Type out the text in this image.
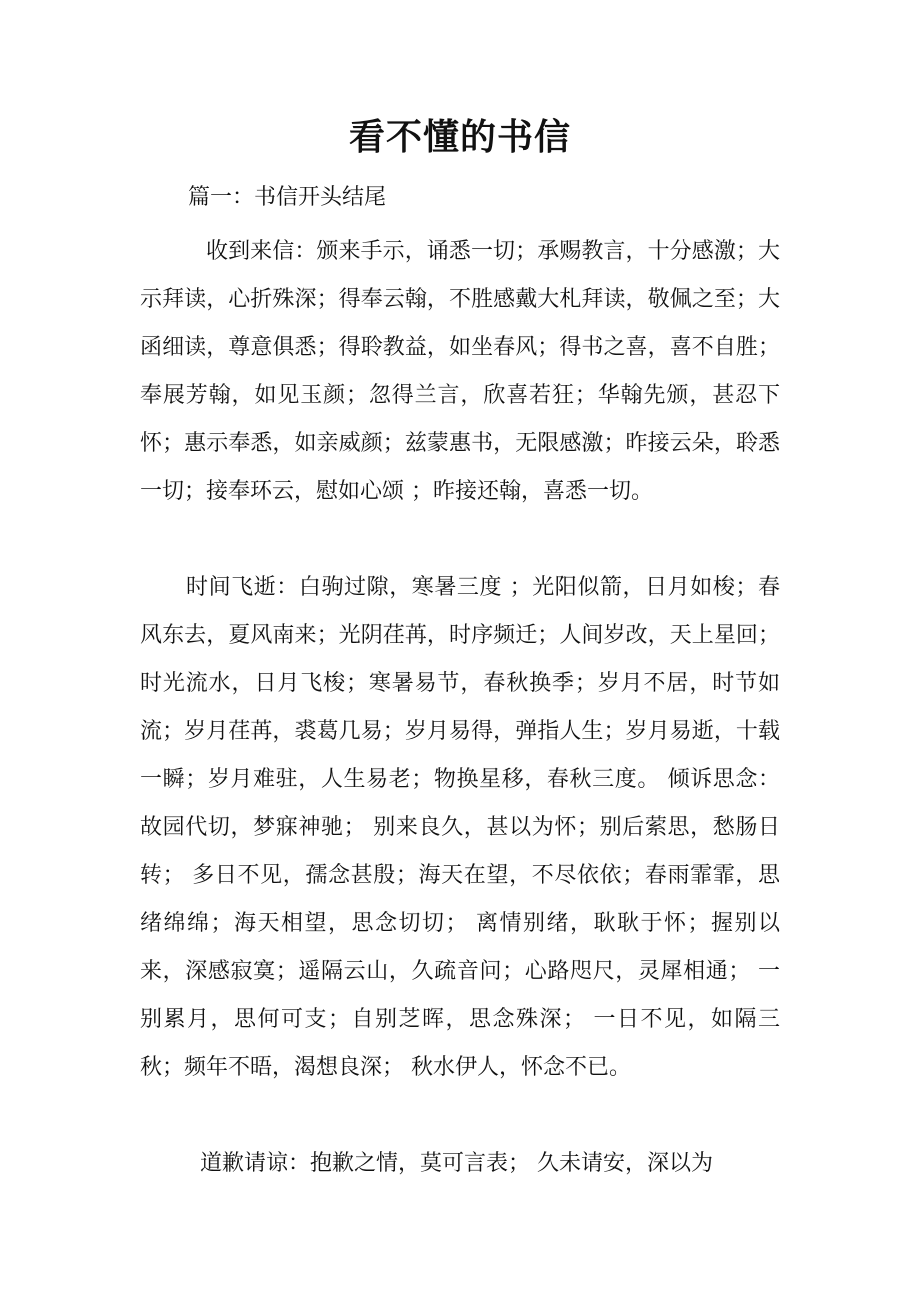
看不懂的书信
篇一：书信开头结尾

收到来信：颁来手示，诵悉一切；承赐教言，十分感激；大示拜读，心折殊深；得奉云翰，不胜感戴大札拜读，敬佩之至；大函细读，尊意俱悉；得聆教益，如坐春风；得书之喜，喜不自胜；奉展芳翰，如见玉颜；忽得兰言，欣喜若狂；华翰先颁，甚忍下怀；惠示奉悉，如亲威颜；兹蒙惠书，无限感激；昨接云朵，聆悉一切；接奉环云，慰如心颂 ；昨接还翰，喜悉一切。

时间飞逝：白驹过隙，寒暑三度 ；光阳似箭，日月如梭；春风东去，夏风南来；光阴荏苒，时序频迁；人间岁改，天上星回； 时光流水，日月飞梭；寒暑易节，春秋换季；岁月不居，时节如流；岁月荏苒，裘葛几易；岁月易得，弹指人生；岁月易逝，十载一瞬；岁月难驻，人生易老；物换星移，春秋三度。 倾诉思念：故园代切，梦寐神驰； 别来良久，甚以为怀；别后萦思，愁肠日转； 多日不见，孺念甚殷；海天在望，不尽依依；春雨霏霏，思绪绵绵；海天相望，思念切切； 离情别绪，耿耿于怀；握别以来，深感寂寞；遥隔云山，久疏音问；心路咫尺，灵犀相通； 一别累月，思何可支；自别芝晖，思念殊深； 一日不见，如隔三秋；频年不晤，渴想良深； 秋水伊人，怀念不已。

道歉请谅：抱歉之情，莫可言表； 久未请安，深以为
